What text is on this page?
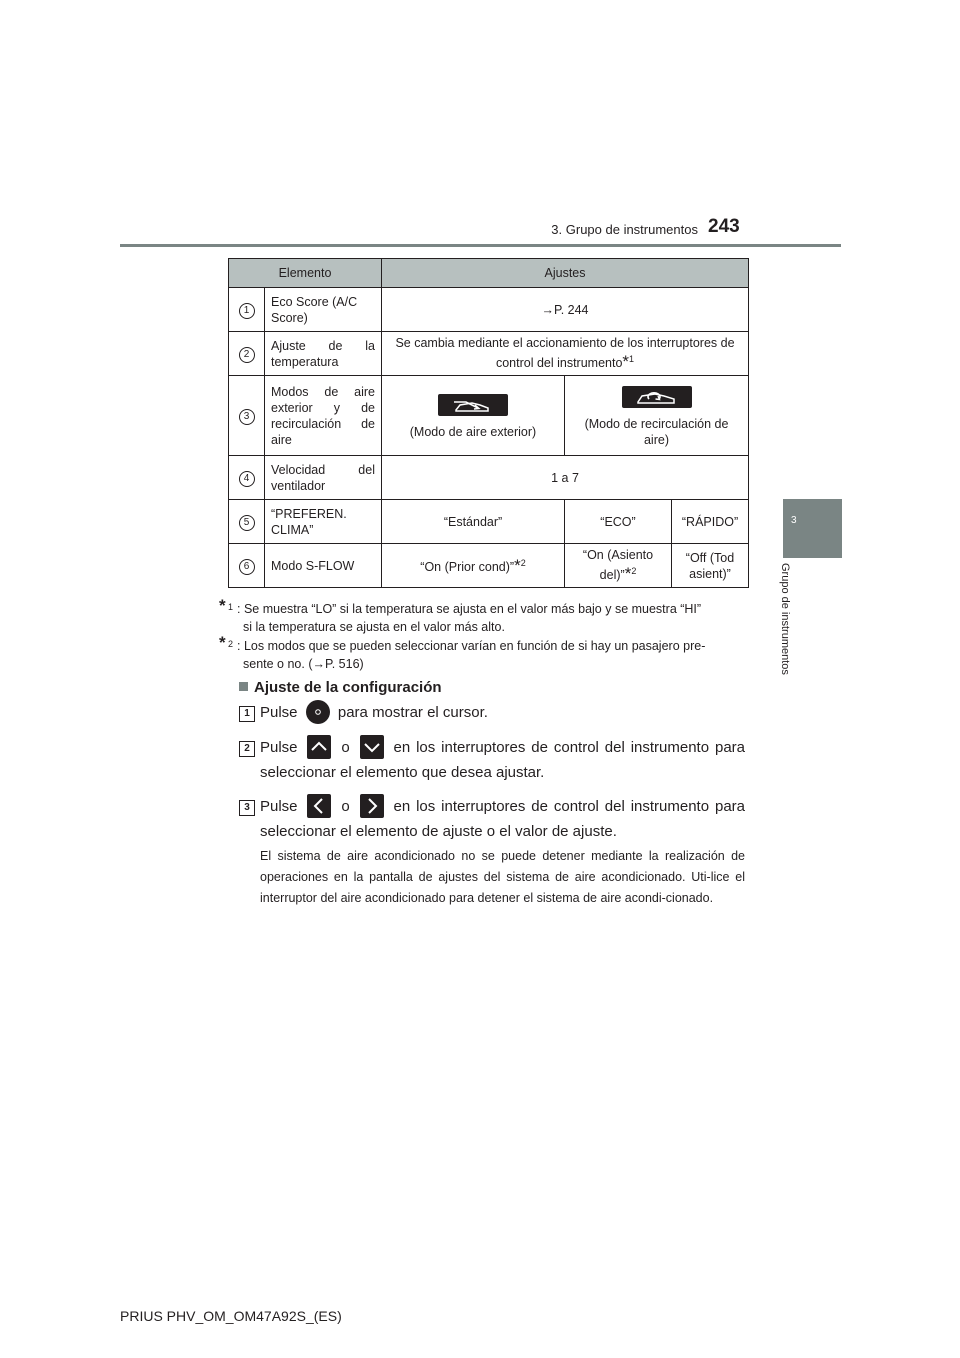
3. Grupo de instrumentos 243
3
Grupo de instrumentos
Elemento		Ajustes		
1	Eco Score (A/C Score)	→P. 244		
2	Ajuste de la temperatura	Se cambia mediante el accionamiento de los interruptores de control del instrumento*$^1$
3	Modos de aire exterior y de recirculación de aire	(Modo de aire exterior)	(Modo de recirculación de aire)	

4	Velocidad del ventilador	1 a 7		
5	“PREFEREN. CLIMA”	“Estándar”	“ECO”	“RÁPIDO”
6	Modo S-FLOW	“On (Prior cond)”*$^2$	“On (Asiento del)”*$^2$	“Off (Tod asient)”
* 1 : Se muestra “LO” si la temperatura se ajusta en el valor más bajo y se muestra “HI”
si la temperatura se ajusta en el valor más alto.
* 2 : Los modos que se pueden seleccionar varían en función de si hay un pasajero pre-
sente o no. (→P. 516)
Ajuste de la configuración
1 Pulse	para mostrar el cursor.
2 Pulse	o	en los interruptores de control del instrumento para seleccionar el elemento que desea ajustar.
3 Pulse	o	en los interruptores de control del instrumento para seleccionar el elemento de ajuste o el valor de ajuste.
El sistema de aire acondicionado no se puede detener mediante la realización de operaciones en la pantalla de ajustes del sistema de aire acondicionado. Uti-lice el interruptor del aire acondicionado para detener el sistema de aire acondi-cionado.
PRIUS PHV_OM_OM47A92S_(ES)
